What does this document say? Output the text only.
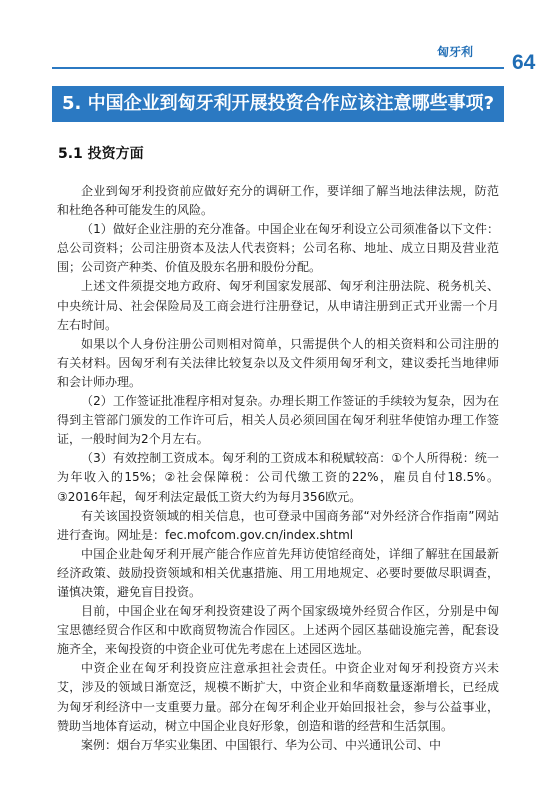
匈牙利 64
5. 中国企业到匈牙利开展投资合作应该注意哪些事项?
5.1 投资方面

企业到匈牙利投资前应做好充分的调研工作，要详细了解当地法律法规，防范和杜绝各种可能发生的风险。

（1）做好企业注册的充分准备。中国企业在匈牙利设立公司须准备以下文件：总公司资料；公司注册资本及法人代表资料；公司名称、地址、成立日期及营业范围；公司资产种类、价值及股东名册和股份分配。

上述文件须提交地方政府、匈牙利国家发展部、匈牙利注册法院、税务机关、中央统计局、社会保险局及工商会进行注册登记，从申请注册到正式开业需一个月左右时间。

如果以个人身份注册公司则相对简单，只需提供个人的相关资料和公司注册的有关材料。因匈牙利有关法律比较复杂以及文件须用匈牙利文，建议委托当地律师和会计师办理。

（2）工作签证批准程序相对复杂。办理长期工作签证的手续较为复杂，因为在得到主管部门颁发的工作许可后，相关人员必须回国在匈牙利驻华使馆办理工作签证，一般时间为2个月左右。

（3）有效控制工资成本。匈牙利的工资成本和税赋较高：①个人所得税：统一为年收入的15%；②社会保障税：公司代缴工资的22%，雇员自付18.5%。③2016年起，匈牙利法定最低工资大约为每月356欧元。

有关该国投资领域的相关信息，也可登录中国商务部“对外经济合作指南”网站进行查询。网址是：fec.mofcom.gov.cn/index.shtml

中国企业赴匈牙利开展产能合作应首先拜访使馆经商处，详细了解驻在国最新经济政策、鼓励投资领域和相关优惠措施、用工用地规定、必要时要做尽职调查，谨慎决策，避免盲目投资。

目前，中国企业在匈牙利投资建设了两个国家级境外经贸合作区，分别是中匈宝思德经贸合作区和中欧商贸物流合作园区。上述两个园区基础设施完善，配套设施齐全，来匈投资的中资企业可优先考虑在上述园区选址。

中资企业在匈牙利投资应注意承担社会责任。中资企业对匈牙利投资方兴未艾，涉及的领域日渐宽泛，规模不断扩大，中资企业和华商数量逐渐增长，已经成为匈牙利经济中一支重要力量。部分在匈牙利企业开始回报社会，参与公益事业，赞助当地体育运动，树立中国企业良好形象，创造和谐的经营和生活氛围。

案例：烟台万华实业集团、中国银行、华为公司、中兴通讯公司、中
